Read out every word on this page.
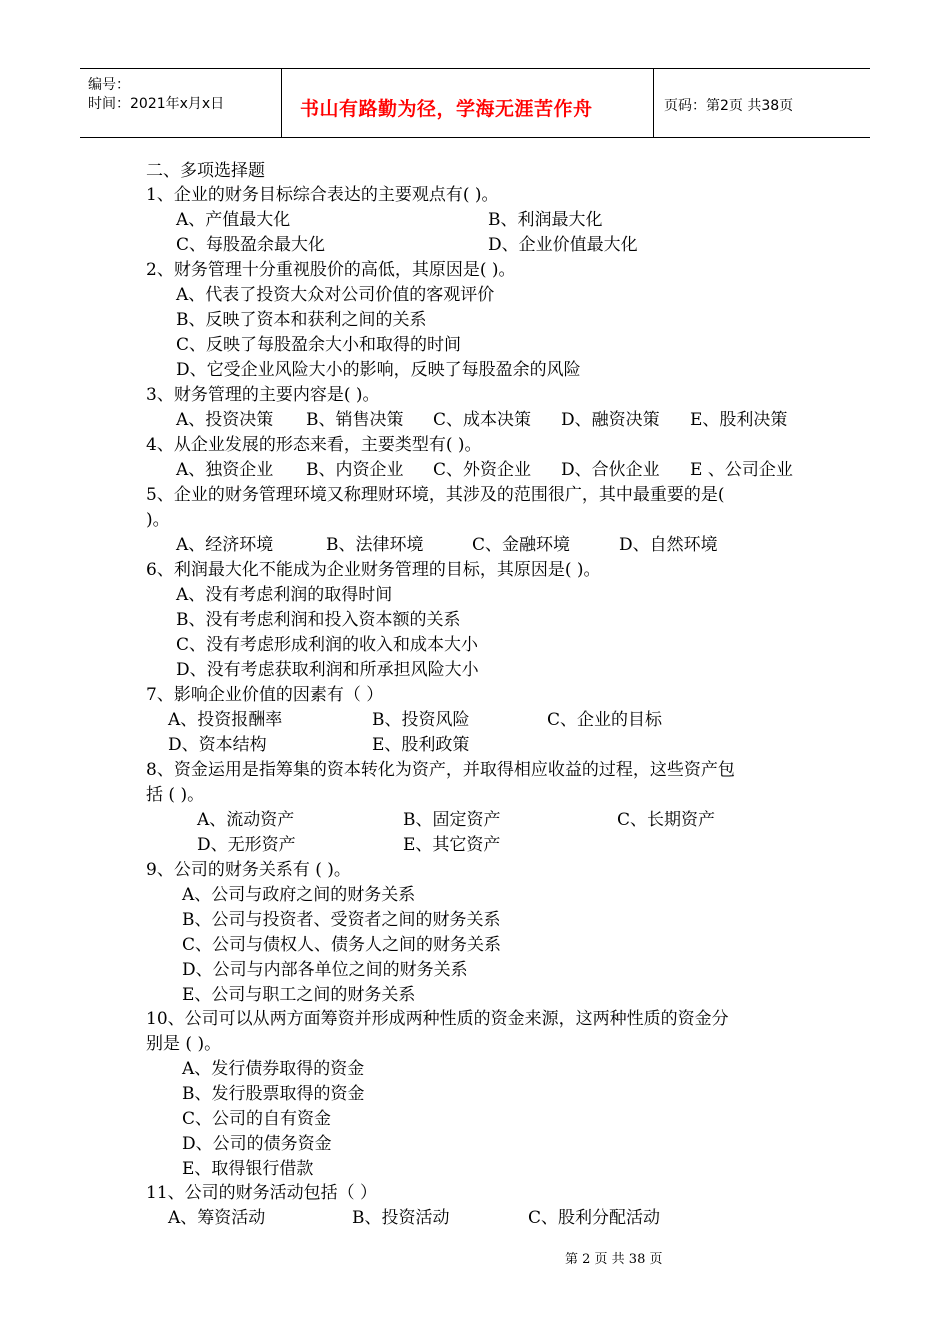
编号：
时间：2021年x月x日	书山有路勤为径，学海无涯苦作舟	页码：第2页 共38页
二、多项选择题
1、企业的财务目标综合表达的主要观点有( )。
A、产值最大化	B、利润最大化
C、每股盈余最大化	D、企业价值最大化
2、财务管理十分重视股价的高低，其原因是( )。
A、代表了投资大众对公司价值的客观评价
B、反映了资本和获利之间的关系
C、反映了每股盈余大小和取得的时间
D、它受企业风险大小的影响，反映了每股盈余的风险
3、财务管理的主要内容是( )。
A、投资决策 B、销售决策 C、成本决策 D、融资决策 E、股利决策
4、从企业发展的形态来看，主要类型有( )。
A、独资企业 B、内资企业 C、外资企业 D、合伙企业 E 、公司企业
5、企业的财务管理环境又称理财环境，其涉及的范围很广，其中最重要的是(
)。
A、经济环境	B、法律环境	C、金融环境	D、自然环境
6、利润最大化不能成为企业财务管理的目标，其原因是( )。
A、没有考虑利润的取得时间
B、没有考虑利润和投入资本额的关系
C、没有考虑形成利润的收入和成本大小
D、没有考虑获取利润和所承担风险大小
7、影响企业价值的因素有（ ）
A、投资报酬率	B、投资风险	C、企业的目标
D、资本结构	E、股利政策
8、资金运用是指筹集的资本转化为资产，并取得相应收益的过程，这些资产包
括 ( )。
A、流动资产	B、固定资产	C、长期资产
D、无形资产	E、其它资产
9、公司的财务关系有 ( )。
A、公司与政府之间的财务关系
B、公司与投资者、受资者之间的财务关系
C、公司与债权人、债务人之间的财务关系
D、公司与内部各单位之间的财务关系
E、公司与职工之间的财务关系
10、公司可以从两方面筹资并形成两种性质的资金来源，这两种性质的资金分
别是 ( )。
A、发行债券取得的资金
B、发行股票取得的资金
C、公司的自有资金
D、公司的债务资金
E、取得银行借款
11、公司的财务活动包括（ ）
A、筹资活动	B、投资活动	C、股利分配活动
第 2 页 共 38 页
